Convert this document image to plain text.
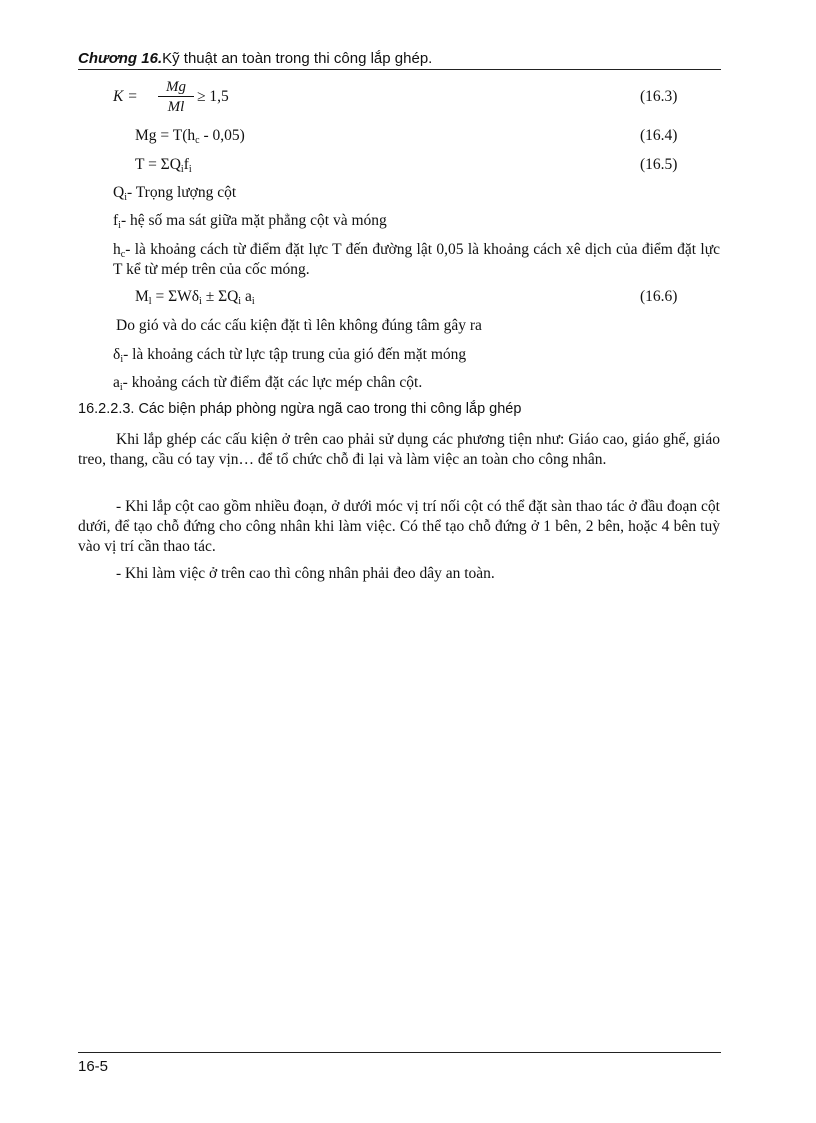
Chương 16.Kỹ thuật an toàn trong thi công lắp ghép.
$K = \frac{Mg}{Ml} \ge 1,5$	(16.3)
$Mg = T(h_c - 0,05)$	(16.4)
$T = \Sigma Q_if_i$	(16.5)
$Q_i-$ Trọng lượng cột
$f_i-$ hệ số ma sát giữa mặt phẳng cột và móng
$h_c-$ là khoảng cách từ điểm đặt lực T đến đường lật 0,05 là khoảng cách xê dịch của điểm đặt lực T kể từ mép trên của cốc móng.
$M_l = \Sigma W\delta_i \pm \Sigma Q_i$ $a_i$	(16.6)
Do gió và do các cấu kiện đặt tì lên không đúng tâm gây ra
$\delta_i-$ là khoảng cách từ lực tập trung của gió đến mặt móng
$a_i-$ khoảng cách từ điểm đặt các lực mép chân cột.
16.2.2.3. Các biện pháp phòng ngừa ngã cao trong thi công lắp ghép
Khi lắp ghép các cấu kiện ở trên cao phải sử dụng các phương tiện như: Giáo cao, giáo ghế, giáo treo, thang, cầu có tay vịn… để tổ chức chỗ đi lại và làm việc an toàn cho công nhân.
- Khi lắp cột cao gồm nhiều đoạn, ở dưới móc vị trí nối cột có thể đặt sàn thao tác ở đầu đoạn cột dưới, để tạo chỗ đứng cho công nhân khi làm việc. Có thể tạo chỗ đứng ở 1 bên, 2 bên, hoặc 4 bên tuỳ vào vị trí cần thao tác.
- Khi làm việc ở trên cao thì công nhân phải đeo dây an toàn.
16-5
